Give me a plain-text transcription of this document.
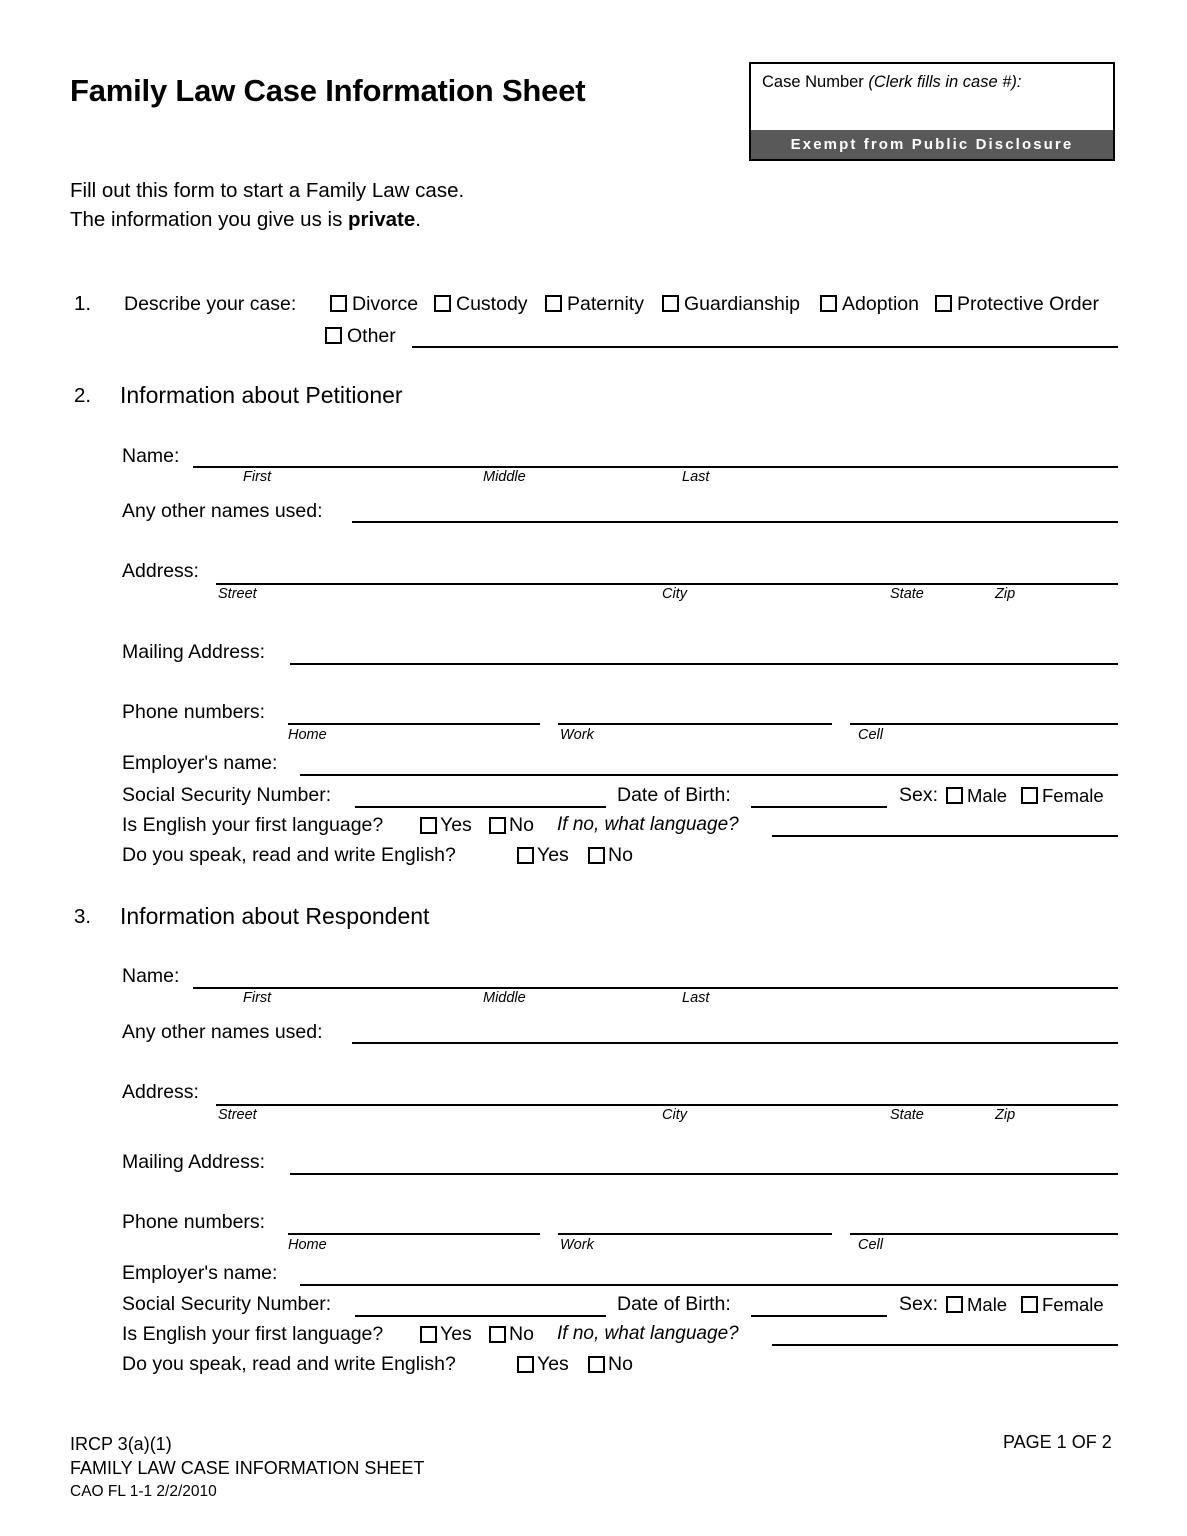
Family Law Case Information Sheet	Case Number (Clerk fills in case #):
Exempt from Public Disclosure
Fill out this form to start a Family Law case.
The information you give us is private.
1. Describe your case:	Divorce Custody Paternity Guardianship Adoption Protective Order
Other
2. Information about Petitioner
Name:
First	Middle	Last
Any other names used:
Address:
Street	City	State	Zip
Mailing Address:
Phone numbers:
Home	Work	Cell
Employer's name:
Social Security Number:	Date of Birth:	Sex: Male Female
Is English your first language?	Yes No If no, what language?
Do you speak, read and write English?	Yes No
3. Information about Respondent
Name:
First	Middle	Last
Any other names used:
Address:
Street	City	State	Zip
Mailing Address:
Phone numbers:
Home	Work	Cell
Employer's name:
Social Security Number:	Date of Birth:	Sex: Male Female
Is English your first language?	Yes No If no, what language?
Do you speak, read and write English?	Yes No
IRCP 3(a)(1)
FAMILY LAW CASE INFORMATION SHEET
CAO FL 1-1 2/2/2010
PAGE 1 OF 2
